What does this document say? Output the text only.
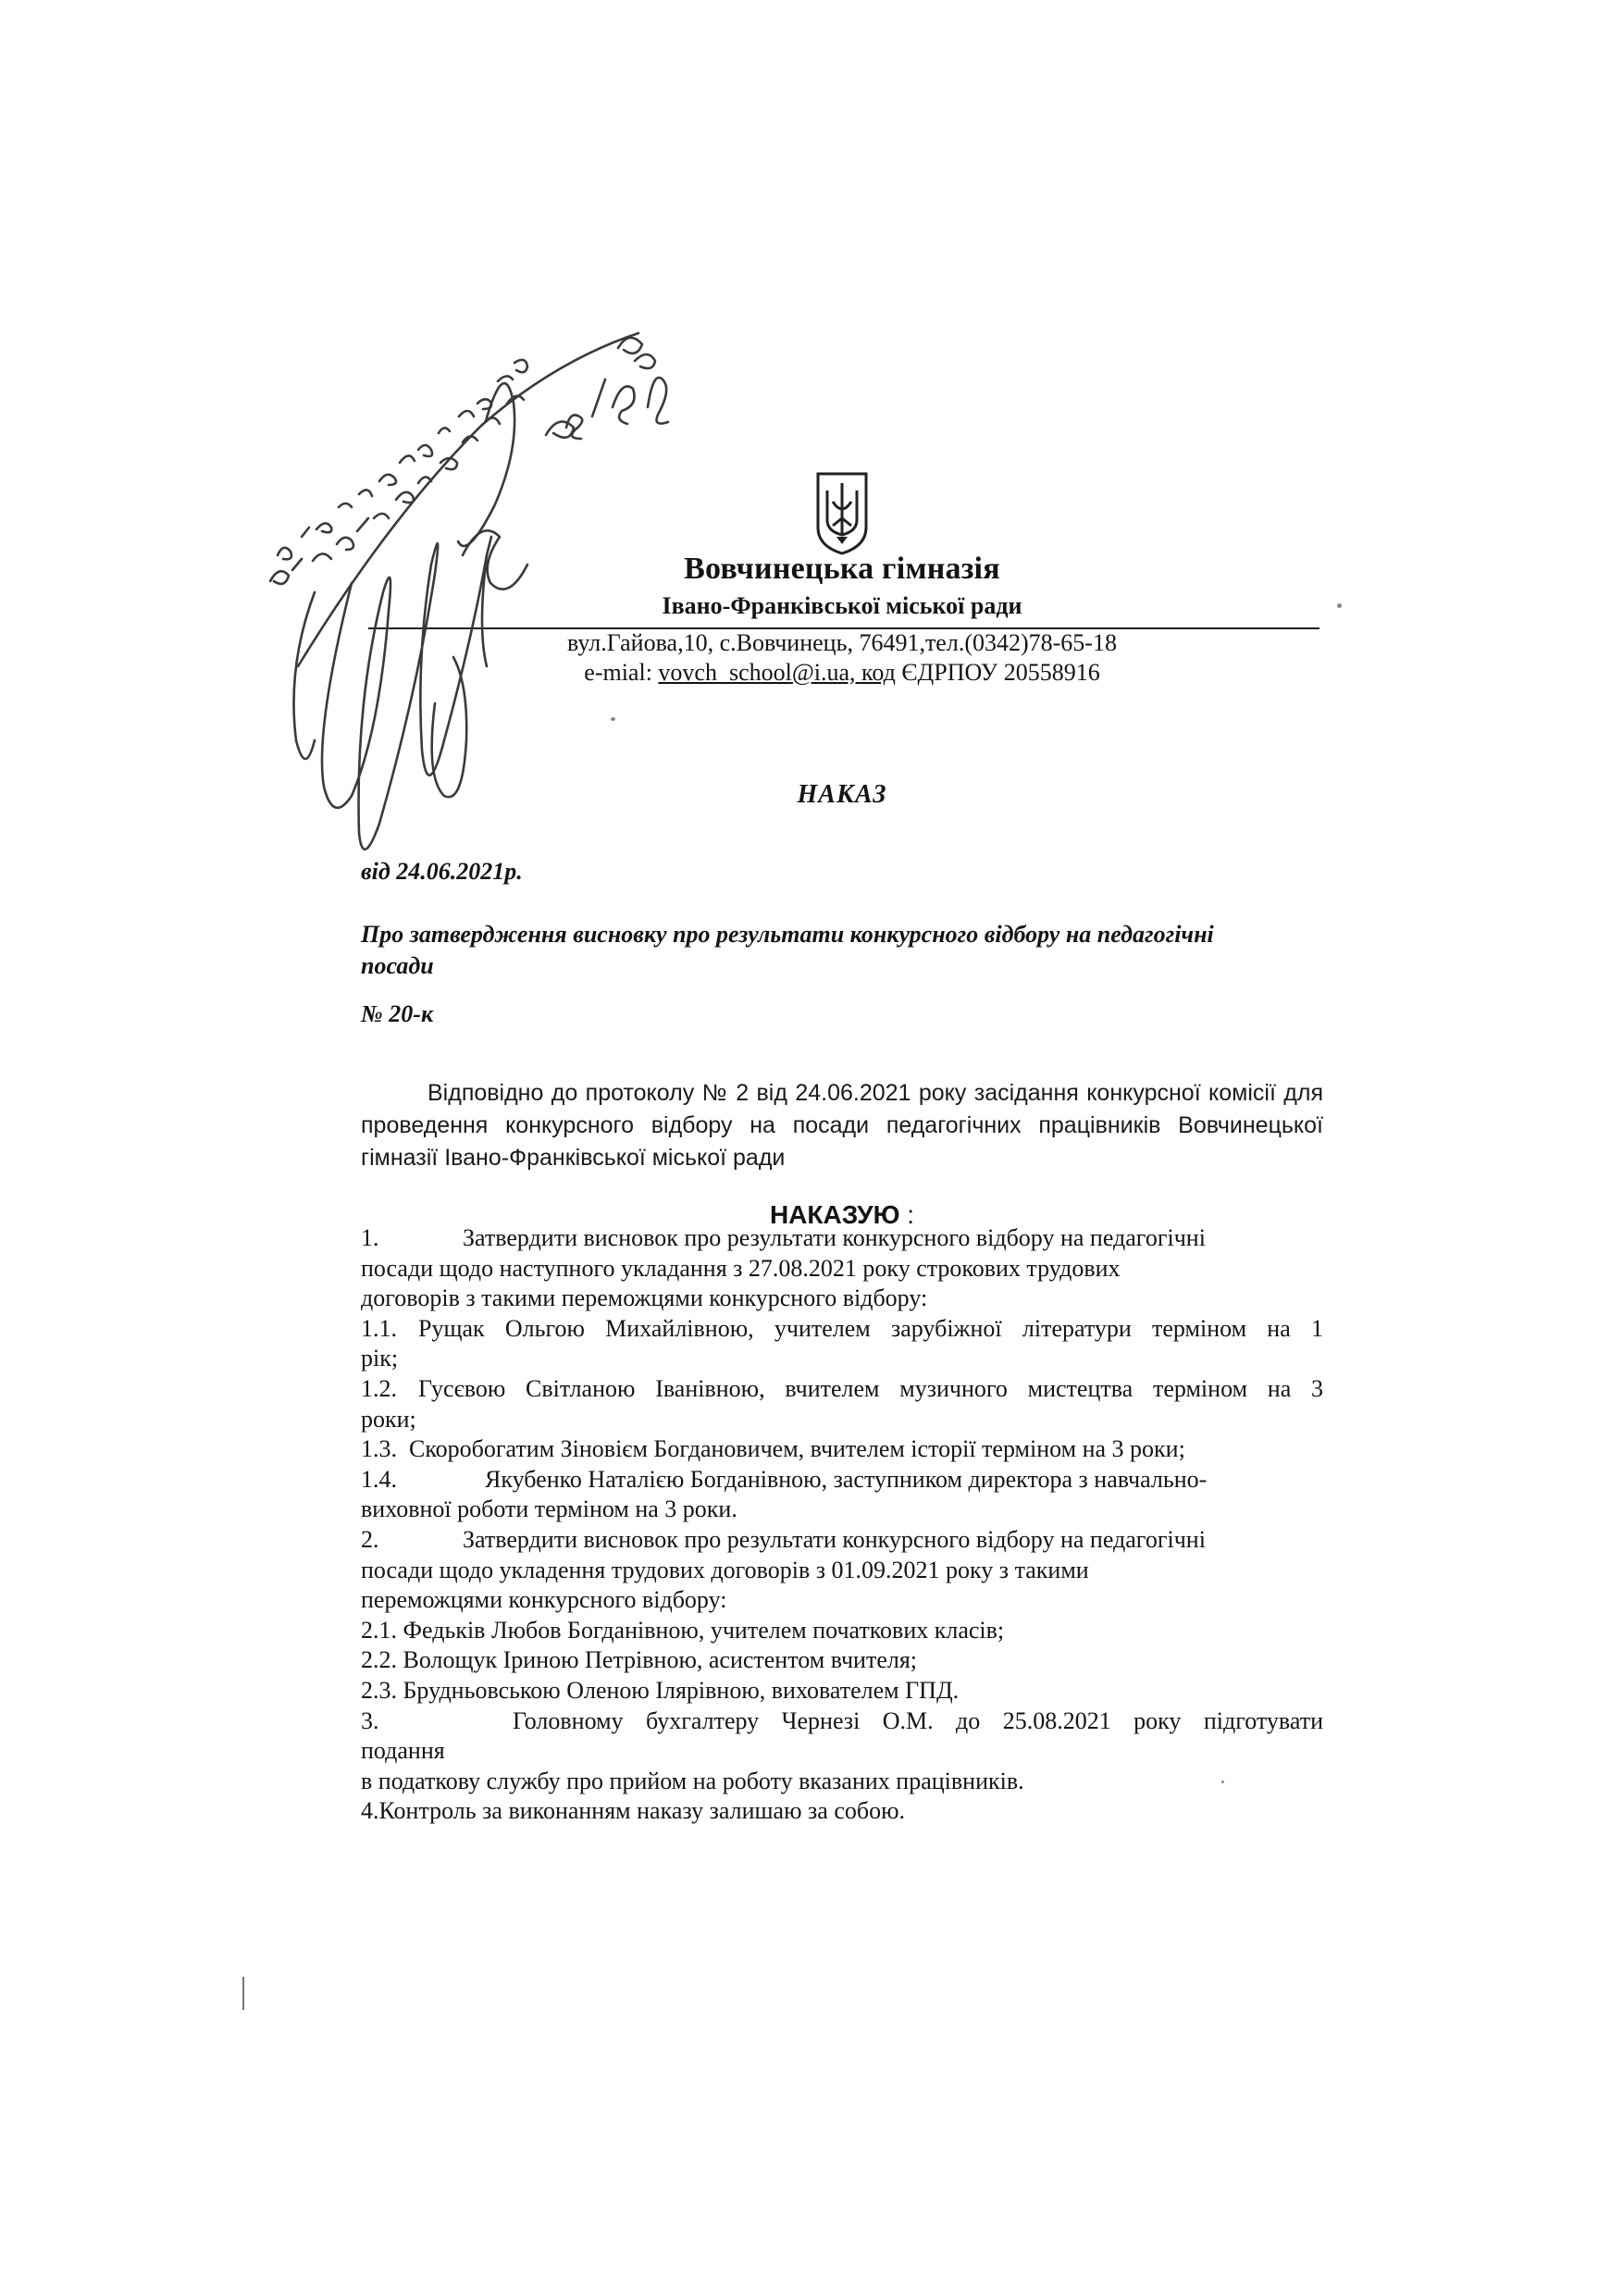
Вовчинецька гімназія
Івано-Франківської міської ради
вул.Гайова,10, с.Вовчинець, 76491,тел.(0342)78-65-18
e-mial: vovch_school@i.ua, код ЄДРПОУ 20558916
НАКАЗ
від 24.06.2021р.
Про затвердження висновку про результати конкурсного відбору на педагогічні
посади
№ 20-к
Відповідно до протоколу № 2 від 24.06.2021 року засідання конкурсної комісії для проведення конкурсного відбору на посади педагогічних працівників Вовчинецької гімназії Івано-Франківської міської ради
НАКАЗУЮ :
1.	Затвердити висновок про результати конкурсного відбору на педагогічні
посади щодо наступного укладання з 27.08.2021 року строкових трудових
договорів з такими переможцями конкурсного відбору:
1.1. Рущак Ольгою Михайлівною, учителем зарубіжної літератури терміном на 1
рік;
1.2. Гусєвою Світланою Іванівною, вчителем музичного мистецтва терміном на 3
роки;
1.3. Скоробогатим Зіновієм Богдановичем, вчителем історії терміном на 3 роки;
1.4.	Якубенко Наталією Богданівною, заступником директора з навчально-
виховної роботи терміном на 3 роки.
2.	Затвердити висновок про результати конкурсного відбору на педагогічні
посади щодо укладення трудових договорів з 01.09.2021 року з такими
переможцями конкурсного відбору:
2.1. Федьків Любов Богданівною, учителем початкових класів;
2.2. Волощук Іриною Петрівною, асистентом вчителя;
2.3. Брудньовською Оленою Ілярівною, вихователем ГПД.
3.	Головному бухгалтеру Чернезі О.М. до 25.08.2021 року підготувати
подання
в податкову службу про прийом на роботу вказаних працівників.
4.Контроль за виконанням наказу залишаю за собою.
